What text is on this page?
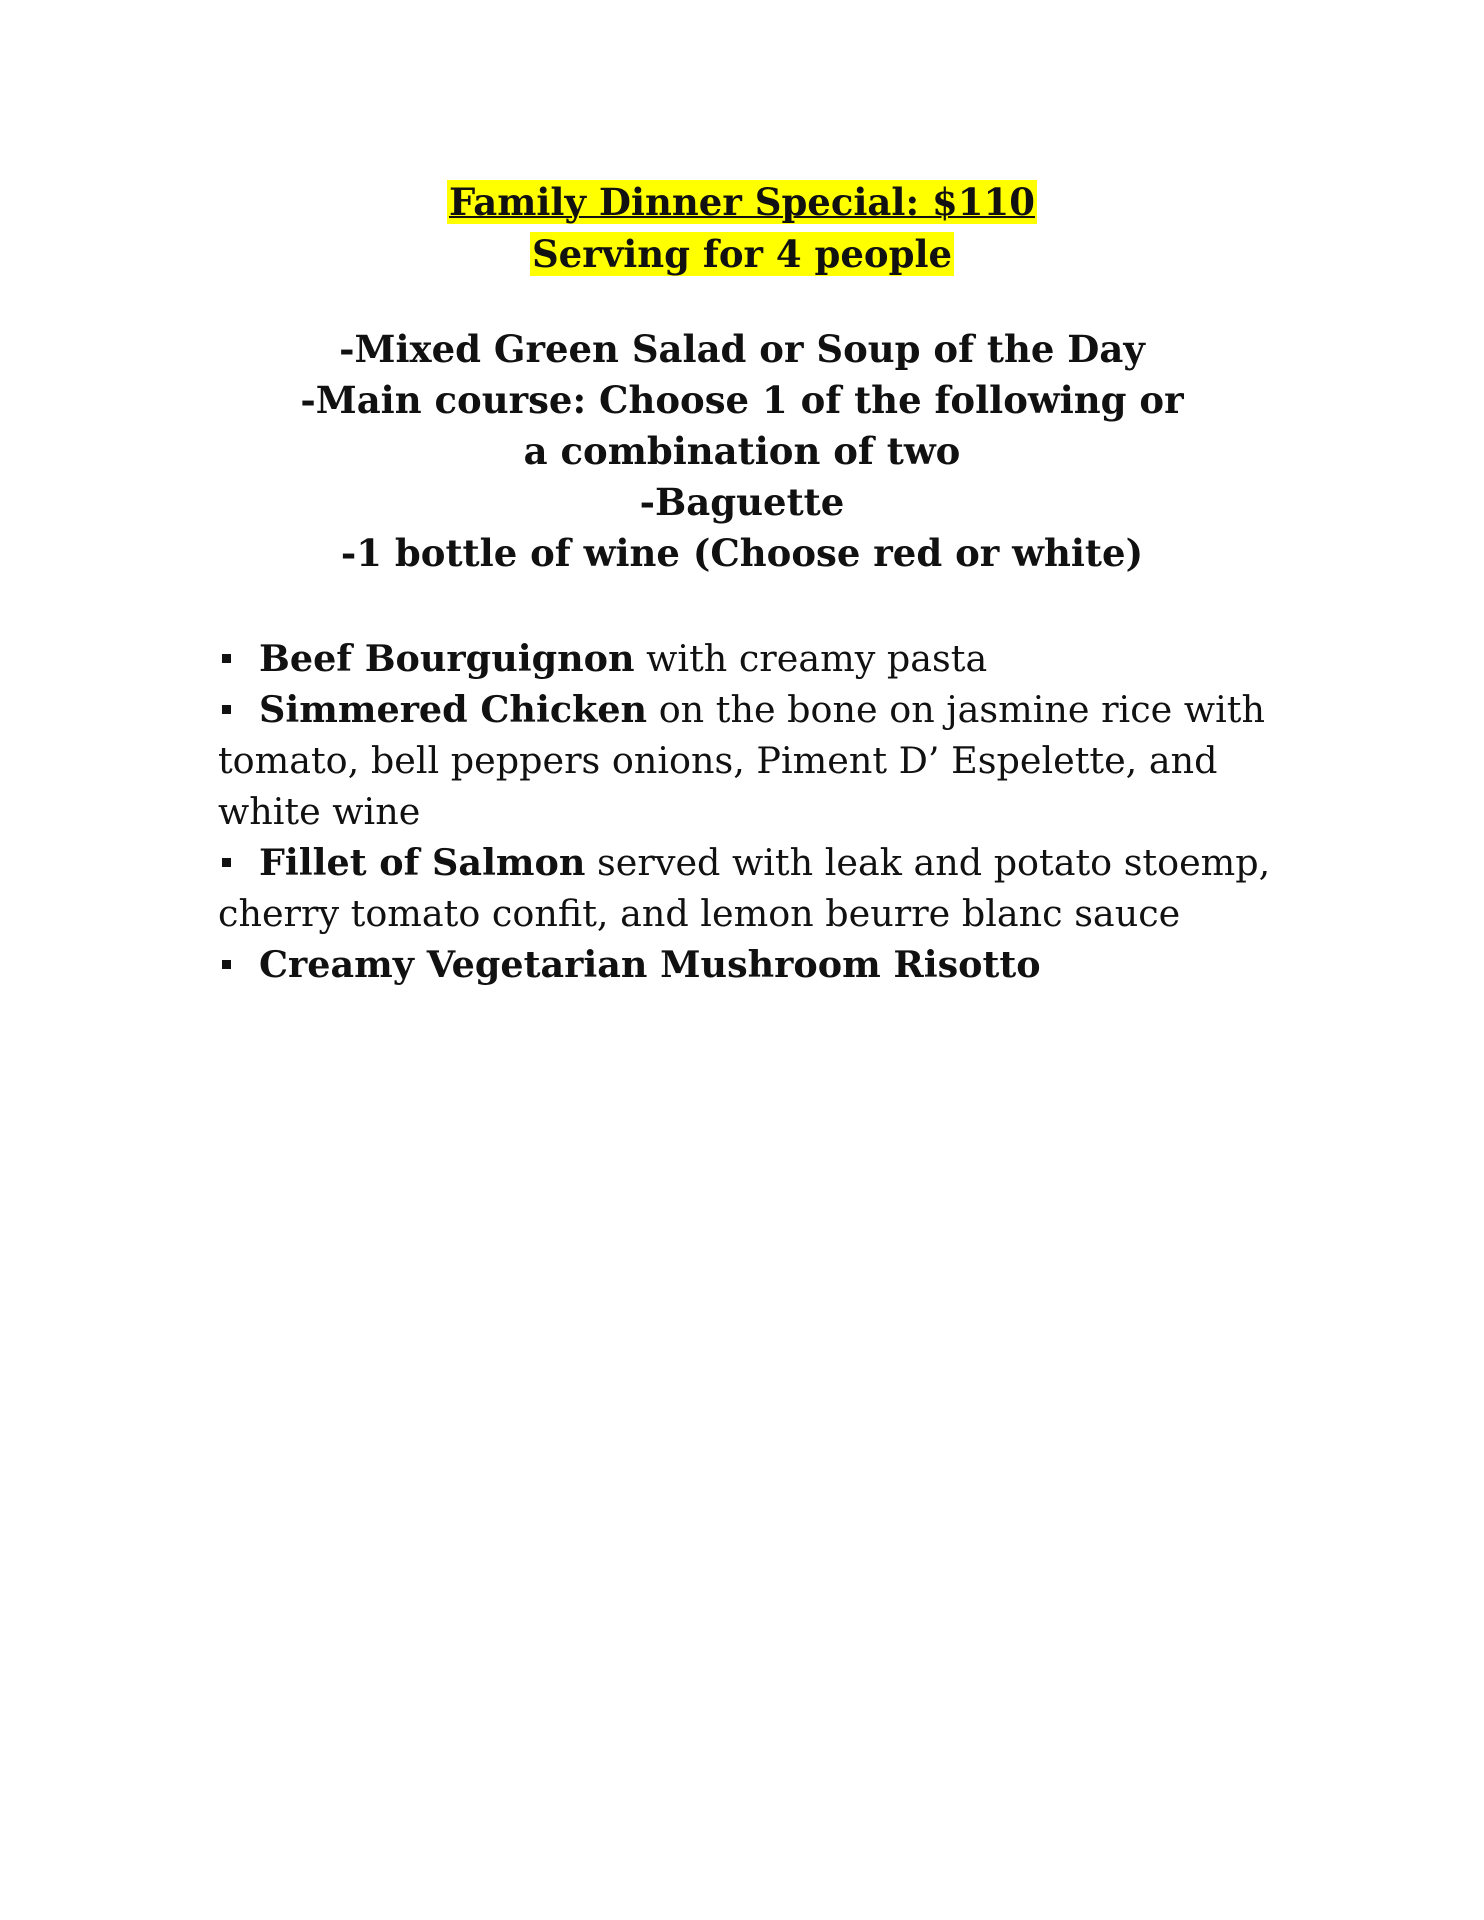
Family Dinner Special: $110
Serving for 4 people
-Mixed Green Salad or Soup of the Day
-Main course: Choose 1 of the following or
a combination of two
-Baguette
-1 bottle of wine (Choose red or white)

Beef Bourguignon with creamy pasta

Simmered Chicken on the bone on jasmine rice with tomato, bell peppers onions, Piment D’ Espelette, and white wine

Fillet of Salmon served with leak and potato stoemp, cherry tomato confit, and lemon beurre blanc sauce

Creamy Vegetarian Mushroom Risotto
